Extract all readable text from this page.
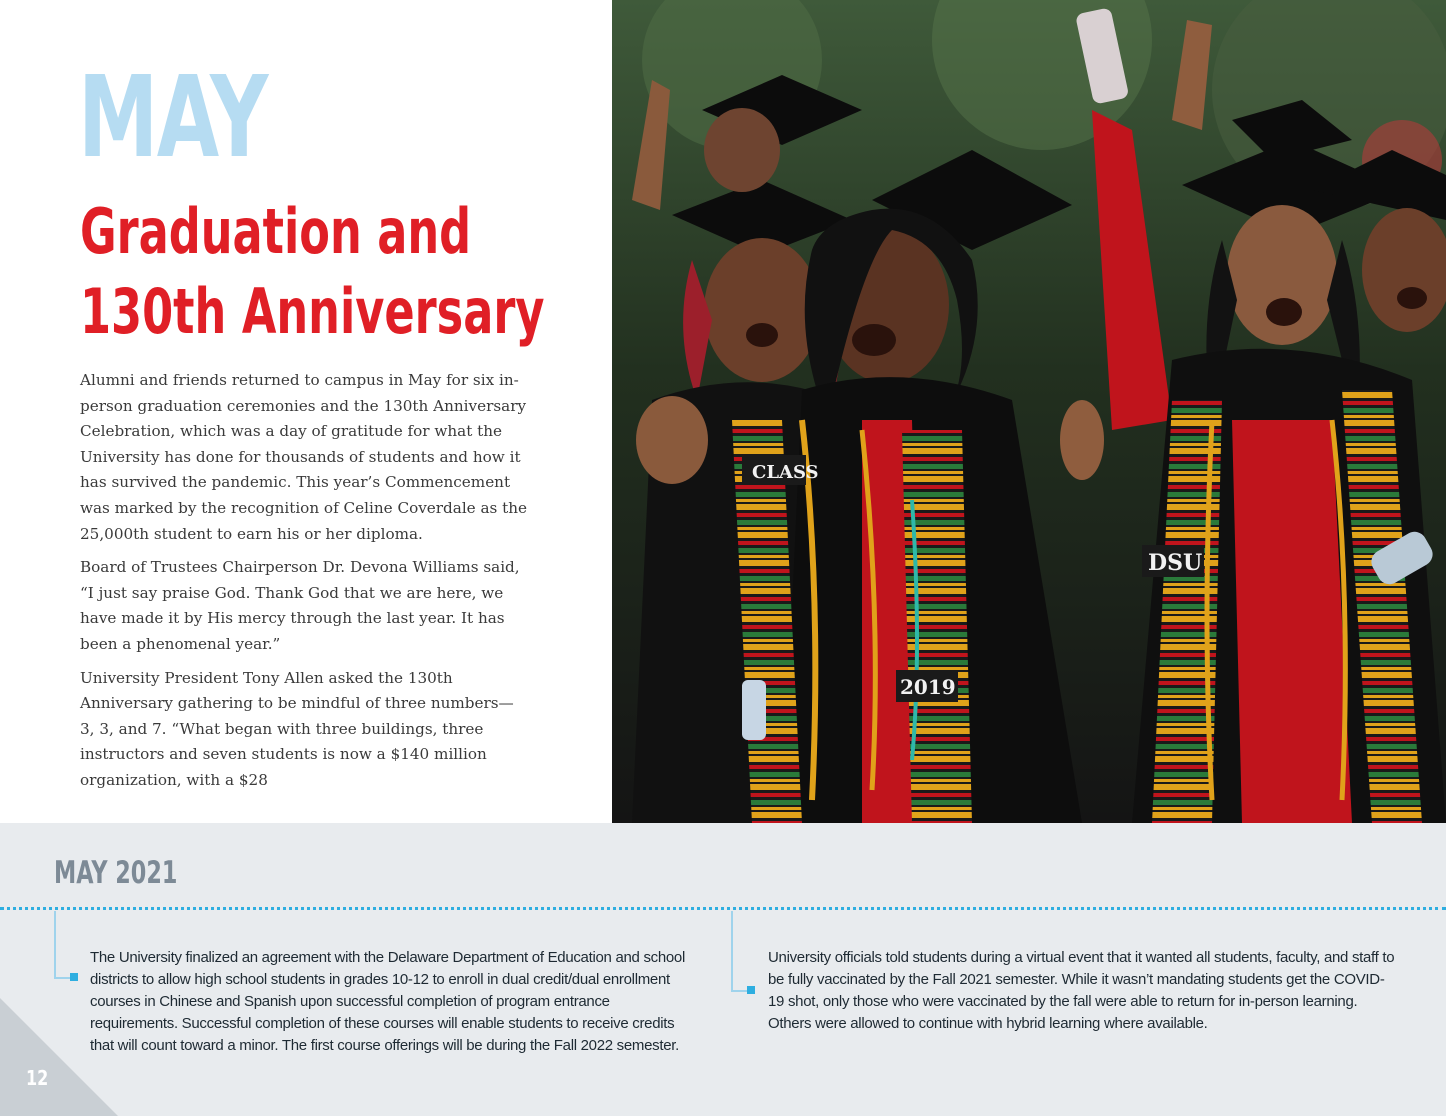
MAY
Graduation and
130th Anniversary

Alumni and friends returned to campus in May for six in-person graduation ceremonies and the 130th Anniversary Celebration, which was a day of gratitude for what the University has done for thousands of students and how it has survived the pandemic. This year’s Commencement was marked by the recognition of Celine Coverdale as the 25,000th student to earn his or her diploma.

Board of Trustees Chairperson Dr. Devona Williams said, “I just say praise God. Thank God that we are here, we have made it by His mercy through the last year. It has been a phenomenal year.”

University President Tony Allen asked the 130th Anniversary gathering to be mindful of three numbers— 3, 3, and 7. “What began with three buildings, three instructors and seven students is now a $140 million organization, with a $28

CLASS
DSU
2019
MAY 2021
The University finalized an agreement with the Delaware Department of Education and school districts to allow high school students in grades 10-12 to enroll in dual credit/dual enrollment courses in Chinese and Spanish upon successful completion of program entrance requirements. Successful completion of these courses will enable students to receive credits that will count toward a minor. The first course offerings will be during the Fall 2022 semester.
University officials told students during a virtual event that it wanted all students, faculty, and staff to be fully vaccinated by the Fall 2021 semester. While it wasn’t mandating students get the COVID-19 shot, only those who were vaccinated by the fall were able to return for in-person learning. Others were allowed to continue with hybrid learning where available.
12
